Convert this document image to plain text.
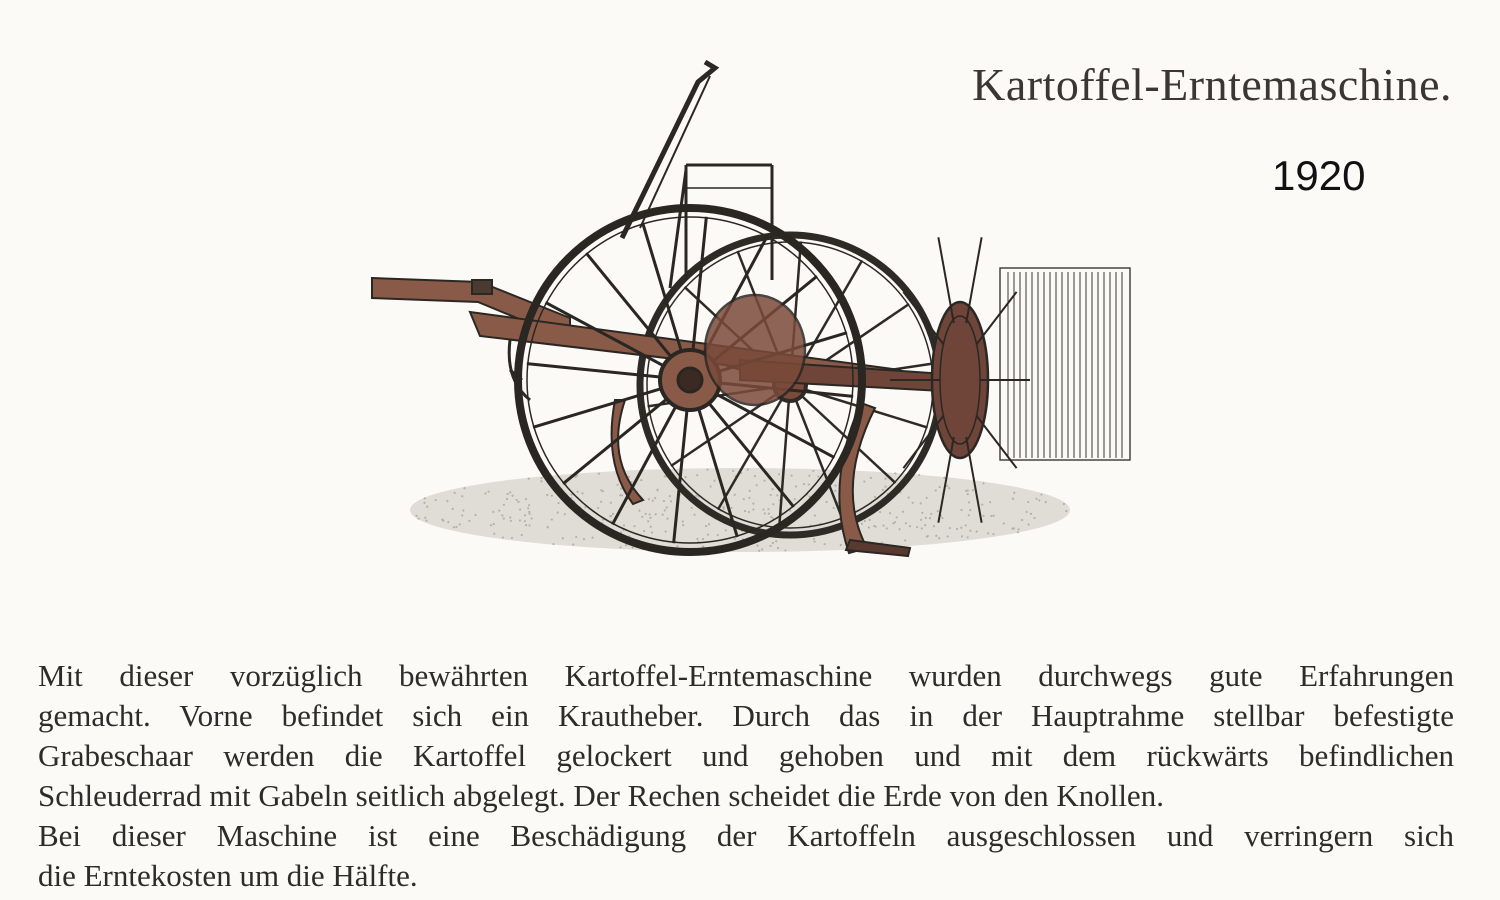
Kartoffel-Erntemaschine.
1920
Mit dieser vorzüglich bewährten Kartoffel-Erntemaschine wurden durchwegs gute Erfahrungen
gemacht. Vorne befindet sich ein Krautheber. Durch das in der Hauptrahme stellbar befestigte
Grabeschaar werden die Kartoffel gelockert und gehoben und mit dem rückwärts befindlichen
Schleuderrad mit Gabeln seitlich abgelegt. Der Rechen scheidet die Erde von den Knollen.
Bei dieser Maschine ist eine Beschädigung der Kartoffeln ausgeschlossen und verringern sich
die Erntekosten um die Hälfte.
